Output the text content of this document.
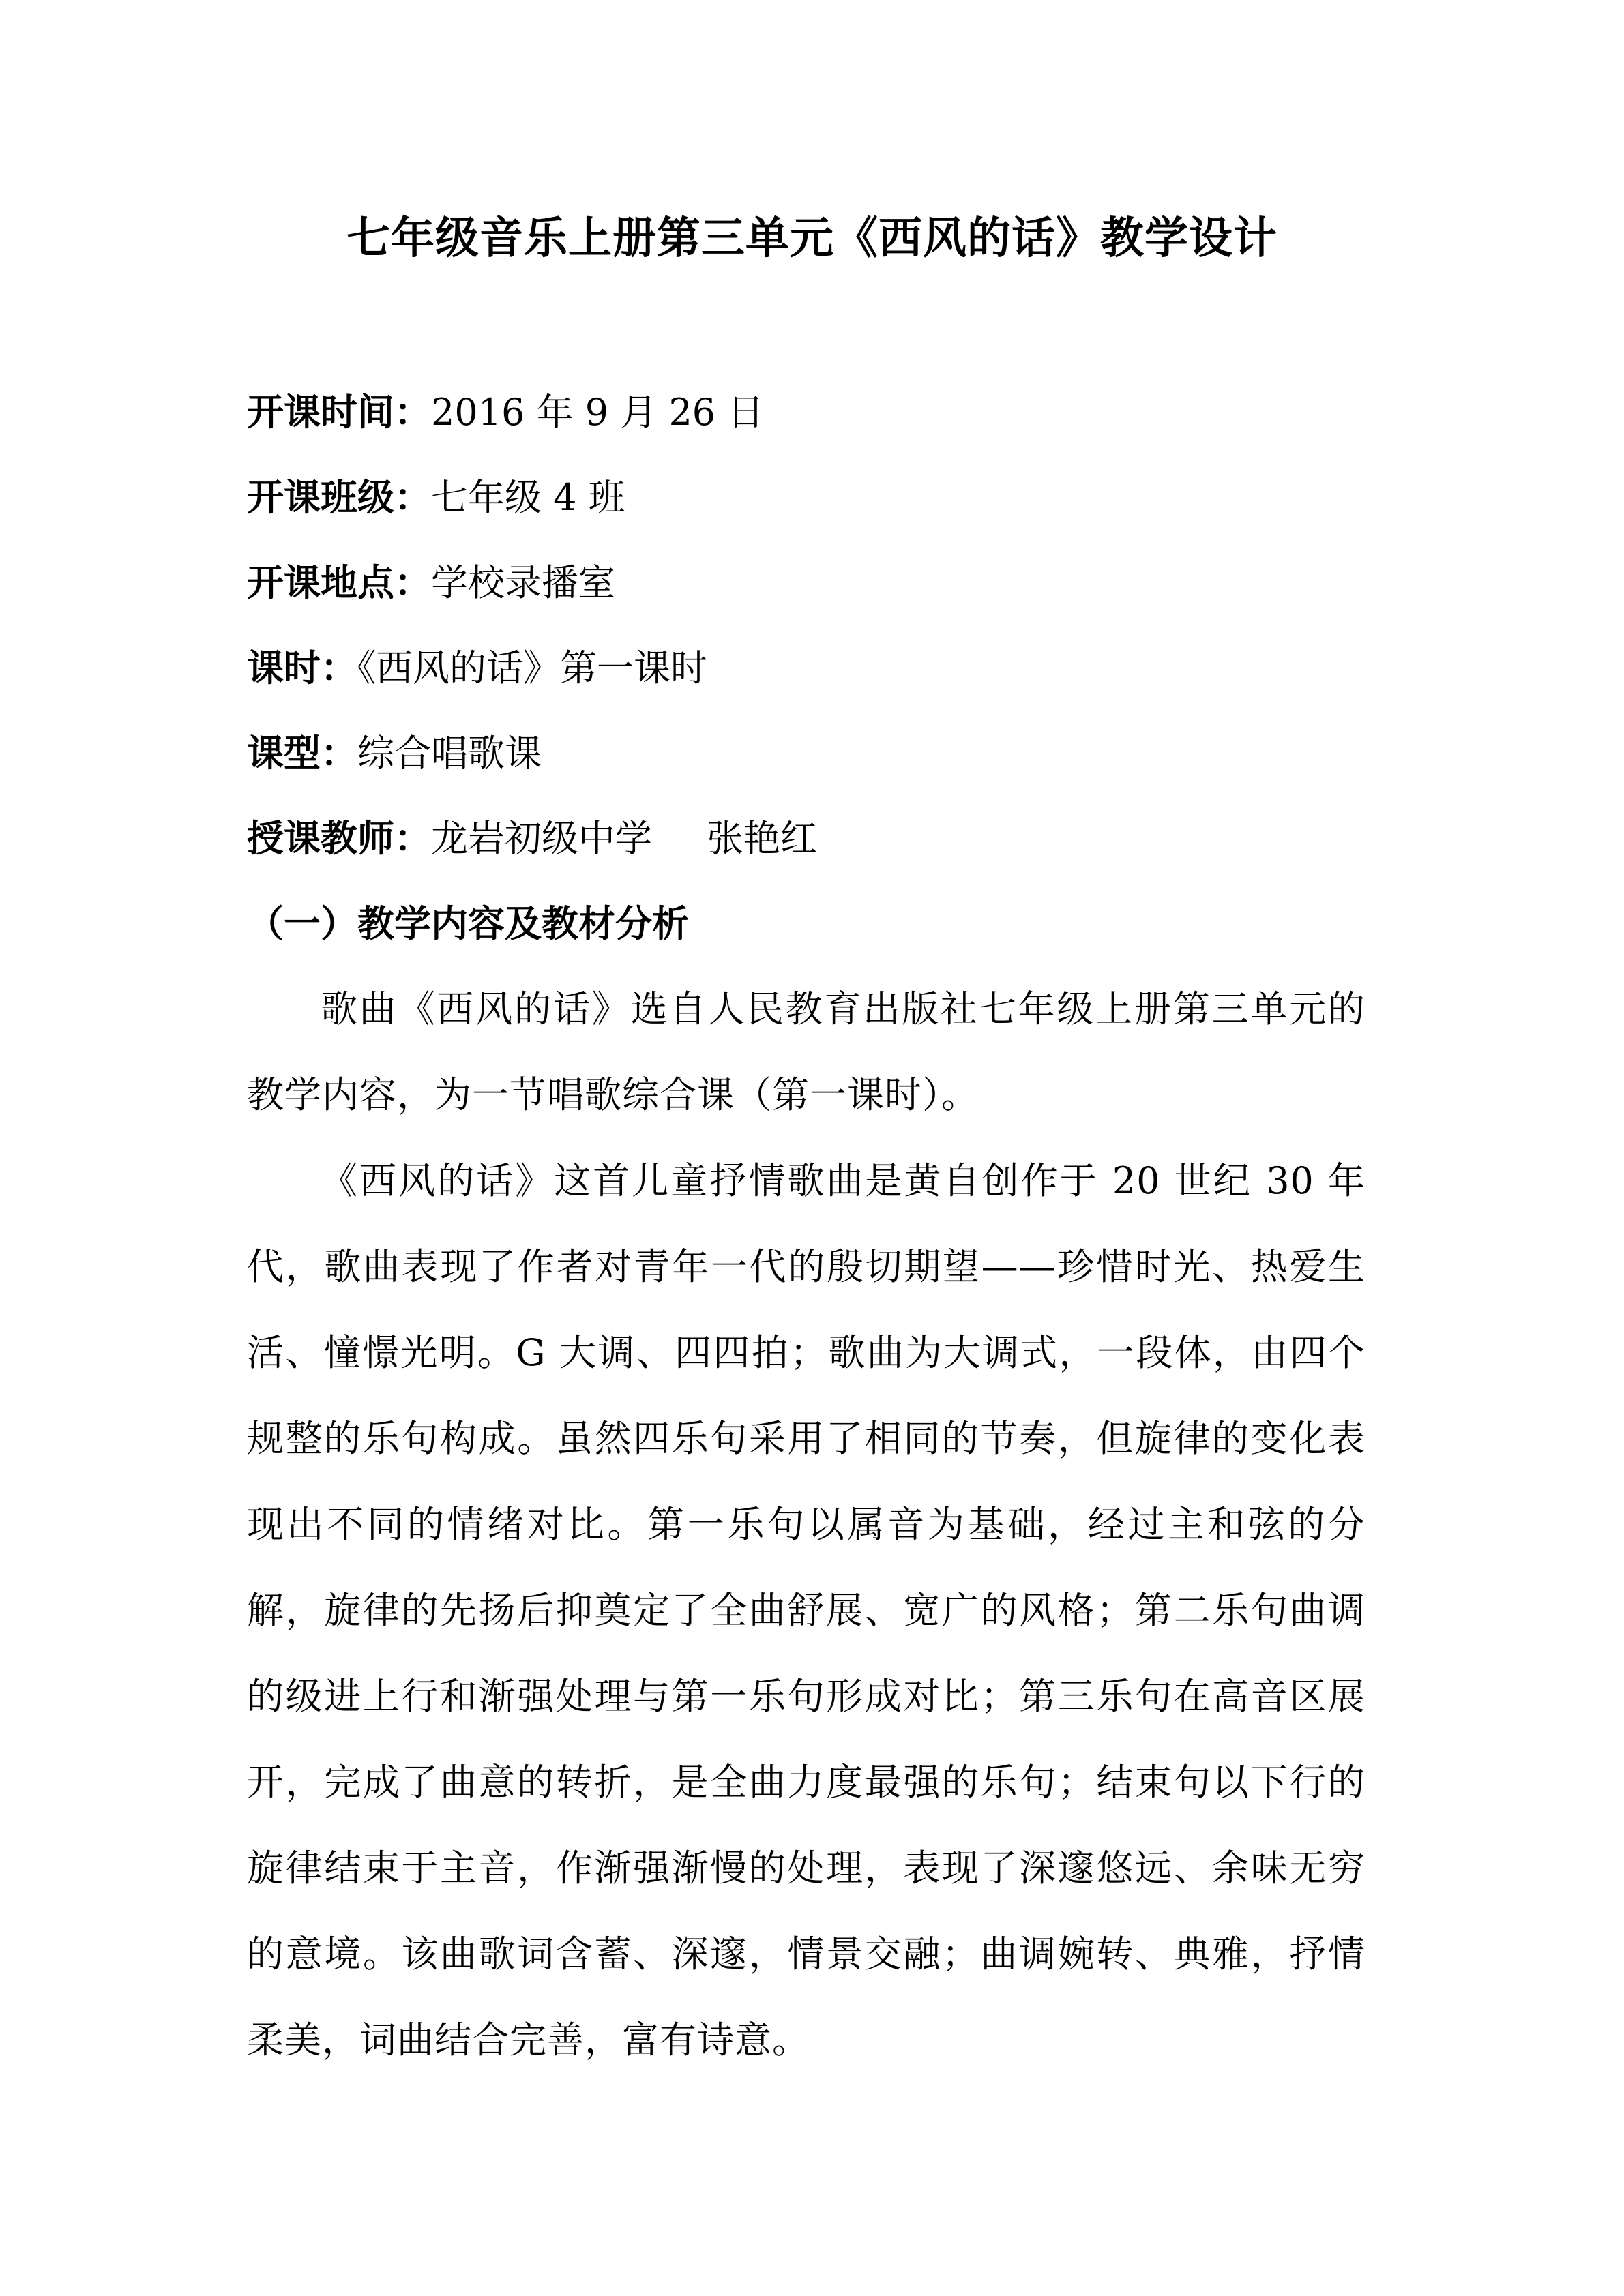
七年级音乐上册第三单元《西风的话》教学设计
开课时间：2016 年 9 月 26 日
开课班级：七年级 4 班
开课地点：学校录播室
课时：《西风的话》第一课时
课型：综合唱歌课
授课教师：龙岩初级中学 张艳红
（一）教学内容及教材分析

歌曲《西风的话》选自人民教育出版社七年级上册第三单元的教学内容，为一节唱歌综合课（第一课时）。

《西风的话》这首儿童抒情歌曲是黄自创作于 20 世纪 30 年代，歌曲表现了作者对青年一代的殷切期望——珍惜时光、热爱生活、憧憬光明。G 大调、四四拍；歌曲为大调式，一段体，由四个规整的乐句构成。虽然四乐句采用了相同的节奏，但旋律的变化表现出不同的情绪对比。第一乐句以属音为基础，经过主和弦的分解，旋律的先扬后抑奠定了全曲舒展、宽广的风格；第二乐句曲调的级进上行和渐强处理与第一乐句形成对比；第三乐句在高音区展开，完成了曲意的转折，是全曲力度最强的乐句；结束句以下行的旋律结束于主音，作渐强渐慢的处理，表现了深邃悠远、余味无穷的意境。该曲歌词含蓄、深邃，情景交融；曲调婉转、典雅，抒情柔美，词曲结合完善，富有诗意。
